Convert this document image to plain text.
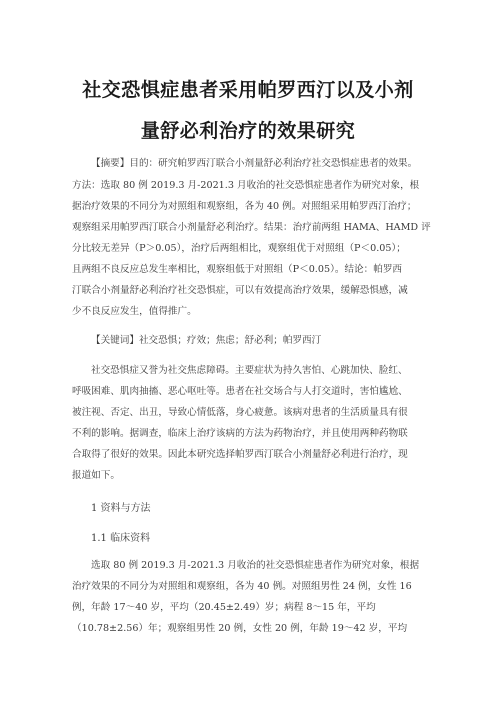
社交恐惧症患者采用帕罗西汀以及小剂
量舒必利治疗的效果研究
【摘要】目的：研究帕罗西汀联合小剂量舒必利治疗社交恐惧症患者的效果。
方法：选取 80 例 2019.3 月-2021.3 月收治的社交恐惧症患者作为研究对象，根
据治疗效果的不同分为对照组和观察组，各为 40 例。对照组采用帕罗西汀治疗；
观察组采用帕罗西汀联合小剂量舒必利治疗。结果：治疗前两组 HAMA、HAMD 评
分比较无差异（P＞0.05），治疗后两组相比，观察组优于对照组（P＜0.05）；
且两组不良反应总发生率相比，观察组低于对照组（P＜0.05）。结论：帕罗西
汀联合小剂量舒必利治疗社交恐惧症，可以有效提高治疗效果，缓解恐惧感，减
少不良反应发生，值得推广。
【关键词】社交恐惧；疗效；焦虑；舒必利；帕罗西汀
社交恐惧症又誉为社交焦虑障碍。主要症状为持久害怕、心跳加快、脸红、
呼吸困难、肌肉抽搐、恶心呕吐等。患者在社交场合与人打交道时，害怕尴尬、
被注视、否定、出丑，导致心情低落，身心疲惫。该病对患者的生活质量具有很
不利的影响。据调查，临床上治疗该病的方法为药物治疗，并且使用两种药物联
合取得了很好的效果。因此本研究选择帕罗西汀联合小剂量舒必利进行治疗，现
报道如下。
1 资料与方法
1.1 临床资料
选取 80 例 2019.3 月-2021.3 月收治的社交恐惧症患者作为研究对象，根据
治疗效果的不同分为对照组和观察组，各为 40 例。对照组男性 24 例，女性 16
例，年龄 17～40 岁，平均（20.45±2.49）岁；病程 8～15 年，平均
（10.78±2.56）年；观察组男性 20 例，女性 20 例，年龄 19～42 岁，平均
